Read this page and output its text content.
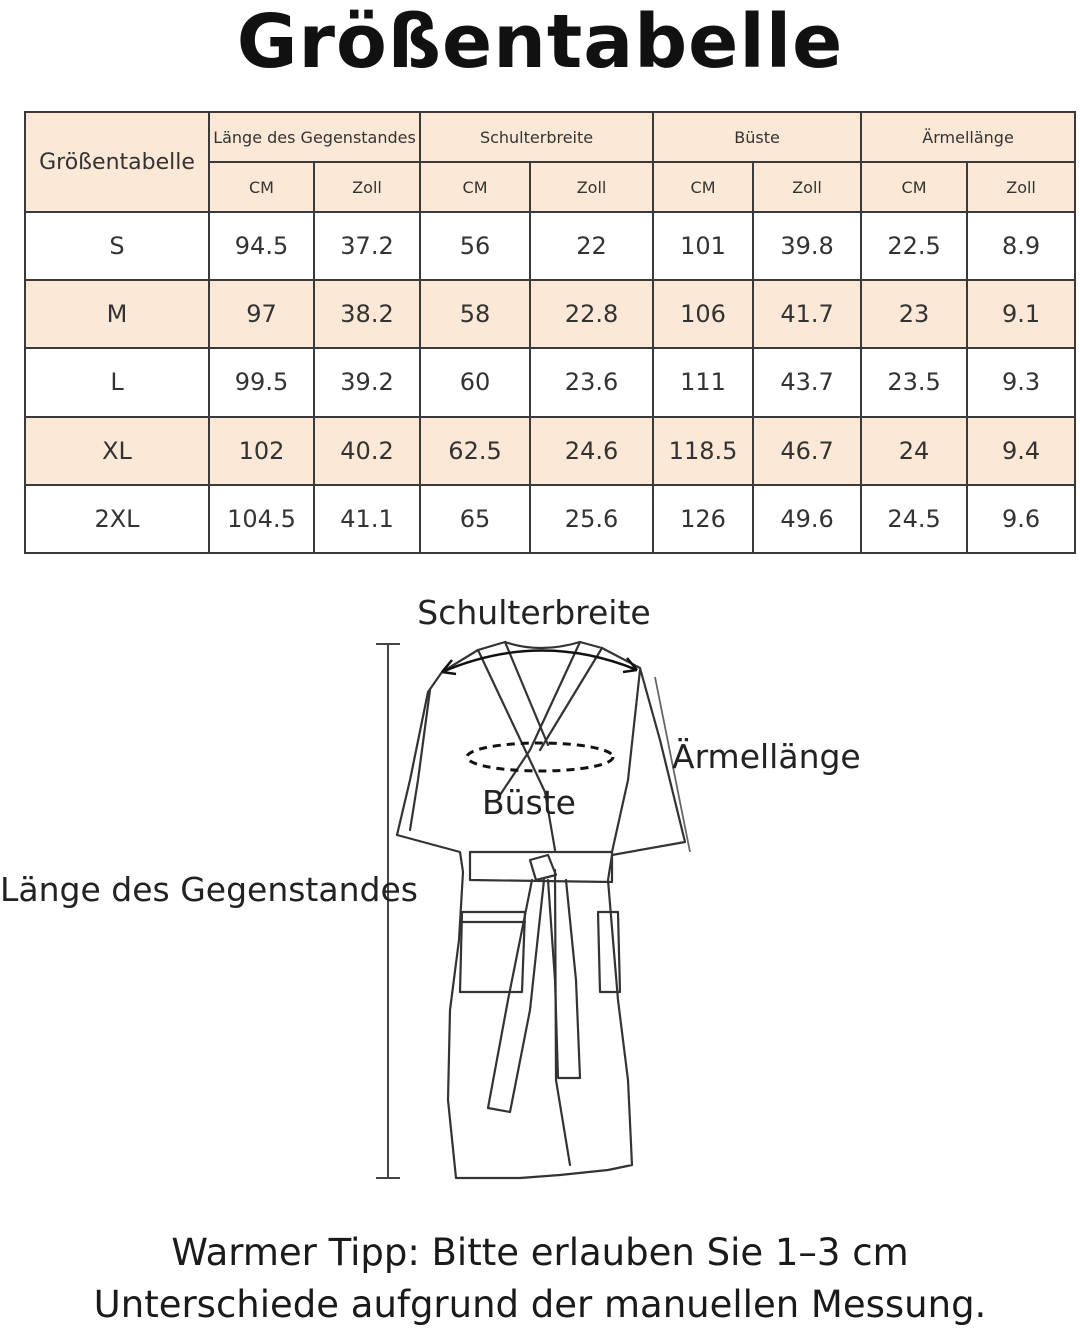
Größentabelle
Größentabelle	Länge des Gegenstandes		Schulterbreite		Büste		Ärmellänge	
	CM	Zoll	CM	Zoll	CM	Zoll	CM	Zoll
S	94.5	37.2	56	22	101	39.8	22.5	8.9
M	97	38.2	58	22.8	106	41.7	23	9.1
L	99.5	39.2	60	23.6	111	43.7	23.5	9.3
XL	102	40.2	62.5	24.6	118.5	46.7	24	9.4
2XL	104.5	41.1	65	25.6	126	49.6	24.5	9.6
Schulterbreite
Ärmellänge
Büste
Länge des Gegenstandes
Warmer Tipp: Bitte erlauben Sie 1–3 cm
Unterschiede aufgrund der manuellen Messung.
